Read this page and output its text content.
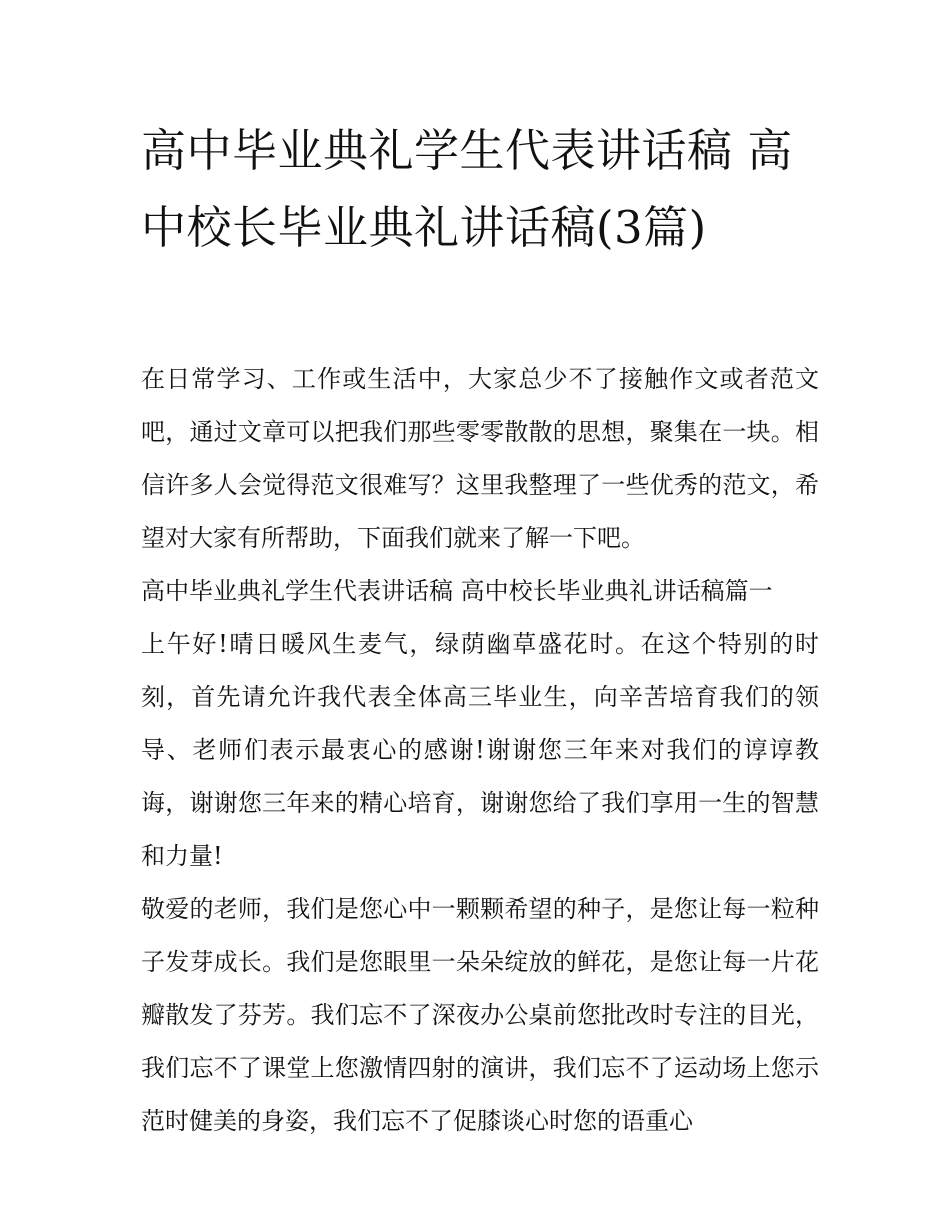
高中毕业典礼学生代表讲话稿 高中校长毕业典礼讲话稿(3篇)

在日常学习、工作或生活中，大家总少不了接触作文或者范文吧，通过文章可以把我们那些零零散散的思想，聚集在一块。相信许多人会觉得范文很难写？这里我整理了一些优秀的范文，希望对大家有所帮助，下面我们就来了解一下吧。

高中毕业典礼学生代表讲话稿 高中校长毕业典礼讲话稿篇一

上午好!晴日暖风生麦气，绿荫幽草盛花时。在这个特别的时刻，首先请允许我代表全体高三毕业生，向辛苦培育我们的领导、老师们表示最衷心的感谢!谢谢您三年来对我们的谆谆教诲，谢谢您三年来的精心培育，谢谢您给了我们享用一生的智慧和力量!

敬爱的老师，我们是您心中一颗颗希望的种子，是您让每一粒种子发芽成长。我们是您眼里一朵朵绽放的鲜花，是您让每一片花瓣散发了芬芳。我们忘不了深夜办公桌前您批改时专注的目光，我们忘不了课堂上您激情四射的演讲，我们忘不了运动场上您示范时健美的身姿，我们忘不了促膝谈心时您的语重心
